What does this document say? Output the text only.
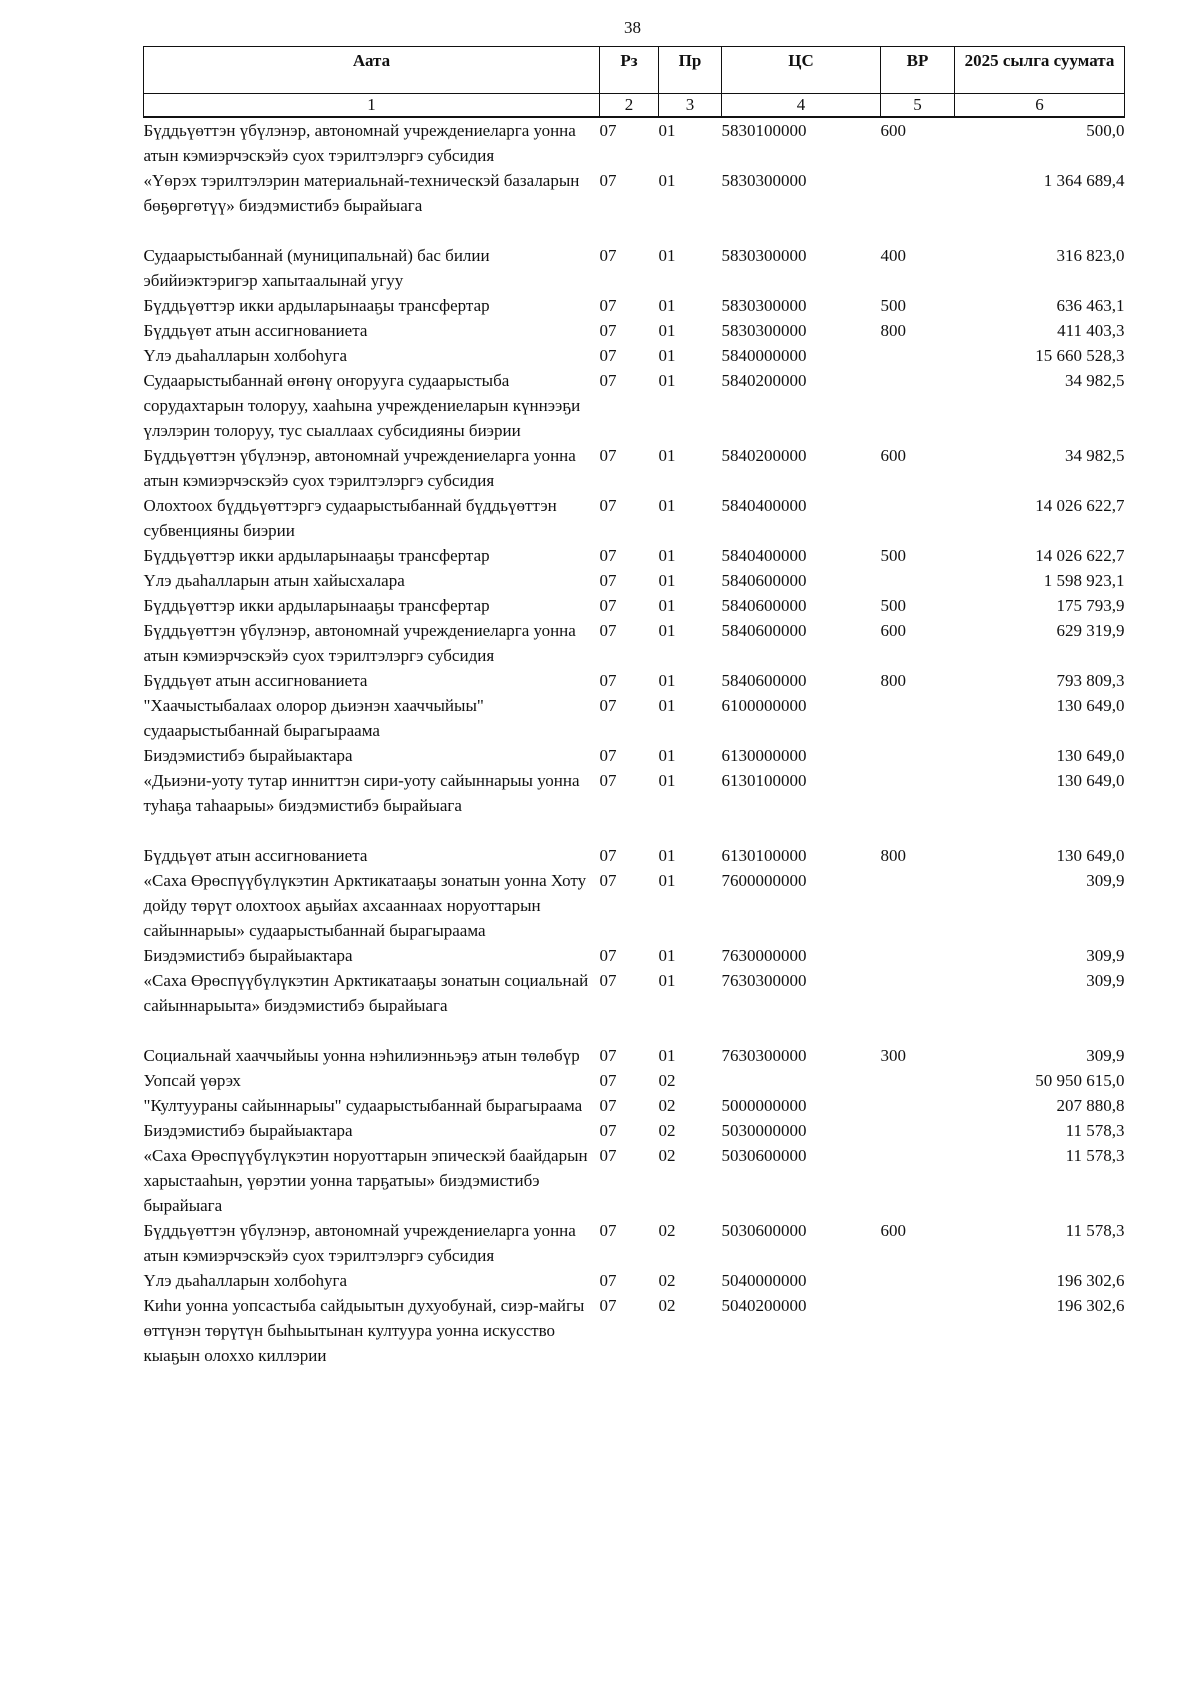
38
Аата	Рз	Пр	ЦС	ВР	2025 сылга суумата
1	2	3	4	5	6
Бүддьүөттэн үбүлэнэр, автономнай учреждениеларга уонна атын кэмиэрчэскэйэ суох тэрилтэлэргэ субсидия	07	01	5830100000	600	500,0
«Үөрэх тэрилтэлэрин материальнай-техническэй базаларын бөҕөргөтүү» биэдэмистибэ бырайыага	07	01	5830300000		1 364 689,4
Судаарыстыбаннай (муниципальнай) бас билии эбийиэктэригэр хапытаалынай угуу	07	01	5830300000	400	316 823,0
Бүддьүөттэр икки ардыларынааҕы трансфертар	07	01	5830300000	500	636 463,1
Бүддьүөт атын ассигнованиета	07	01	5830300000	800	411 403,3
Үлэ дьаһалларын холбоһуга	07	01	5840000000		15 660 528,3
Судаарыстыбаннай өҥөнү оҥорууга судаарыстыба сорудахтарын толоруу, хааһына учреждениеларын күннээҕи үлэлэрин толоруу, тус сыаллаах субсидияны биэрии	07	01	5840200000		34 982,5
Бүддьүөттэн үбүлэнэр, автономнай учреждениеларга уонна атын кэмиэрчэскэйэ суох тэрилтэлэргэ субсидия	07	01	5840200000	600	34 982,5
Олохтоох бүддьүөттэргэ судаарыстыбаннай бүддьүөттэн субвенцияны биэрии	07	01	5840400000		14 026 622,7
Бүддьүөттэр икки ардыларынааҕы трансфертар	07	01	5840400000	500	14 026 622,7
Үлэ дьаһалларын атын хайысхалара	07	01	5840600000		1 598 923,1
Бүддьүөттэр икки ардыларынааҕы трансфертар	07	01	5840600000	500	175 793,9
Бүддьүөттэн үбүлэнэр, автономнай учреждениеларга уонна атын кэмиэрчэскэйэ суох тэрилтэлэргэ субсидия	07	01	5840600000	600	629 319,9
Бүддьүөт атын ассигнованиета	07	01	5840600000	800	793 809,3
"Хаачыстыбалаах олорор дьиэнэн хааччыйыы" судаарыстыбаннай бырагыраама	07	01	6100000000		130 649,0
Биэдэмистибэ бырайыактара	07	01	6130000000		130 649,0
«Дьиэни-уоту тутар инниттэн сири-уоту сайыннарыы уонна туһаҕа таһаарыы» биэдэмистибэ бырайыага	07	01	6130100000		130 649,0
Бүддьүөт атын ассигнованиета	07	01	6130100000	800	130 649,0
«Саха Өрөспүүбүлүкэтин Арктикатааҕы зонатын уонна Хоту дойду төрүт олохтоох аҕыйах ахсааннаах норуоттарын сайыннарыы» судаарыстыбаннай бырагыраама	07	01	7600000000		309,9
Биэдэмистибэ бырайыактара	07	01	7630000000		309,9
«Саха Өрөспүүбүлүкэтин Арктикатааҕы зонатын социальнай сайыннарыыта» биэдэмистибэ бырайыага	07	01	7630300000		309,9
Социальнай хааччыйыы уонна нэһилиэнньэҕэ атын төлөбүр	07	01	7630300000	300	309,9
Уопсай үөрэх	07	02			50 950 615,0
"Култуураны сайыннарыы" судаарыстыбаннай бырагыраама	07	02	5000000000		207 880,8
Биэдэмистибэ бырайыактара	07	02	5030000000		11 578,3
«Саха Өрөспүүбүлүкэтин норуоттарын эпическэй баайдарын харыстааһын, үөрэтии уонна тарҕатыы» биэдэмистибэ бырайыага	07	02	5030600000		11 578,3
Бүддьүөттэн үбүлэнэр, автономнай учреждениеларга уонна атын кэмиэрчэскэйэ суох тэрилтэлэргэ субсидия	07	02	5030600000	600	11 578,3
Үлэ дьаһалларын холбоһуга	07	02	5040000000		196 302,6
Киһи уонна уопсастыба сайдыытын духуобунай, сиэр-майгы өттүнэн төрүтүн быһыытынан култуура уонна искусство кыаҕын олоххо киллэрии	07	02	5040200000		196 302,6
